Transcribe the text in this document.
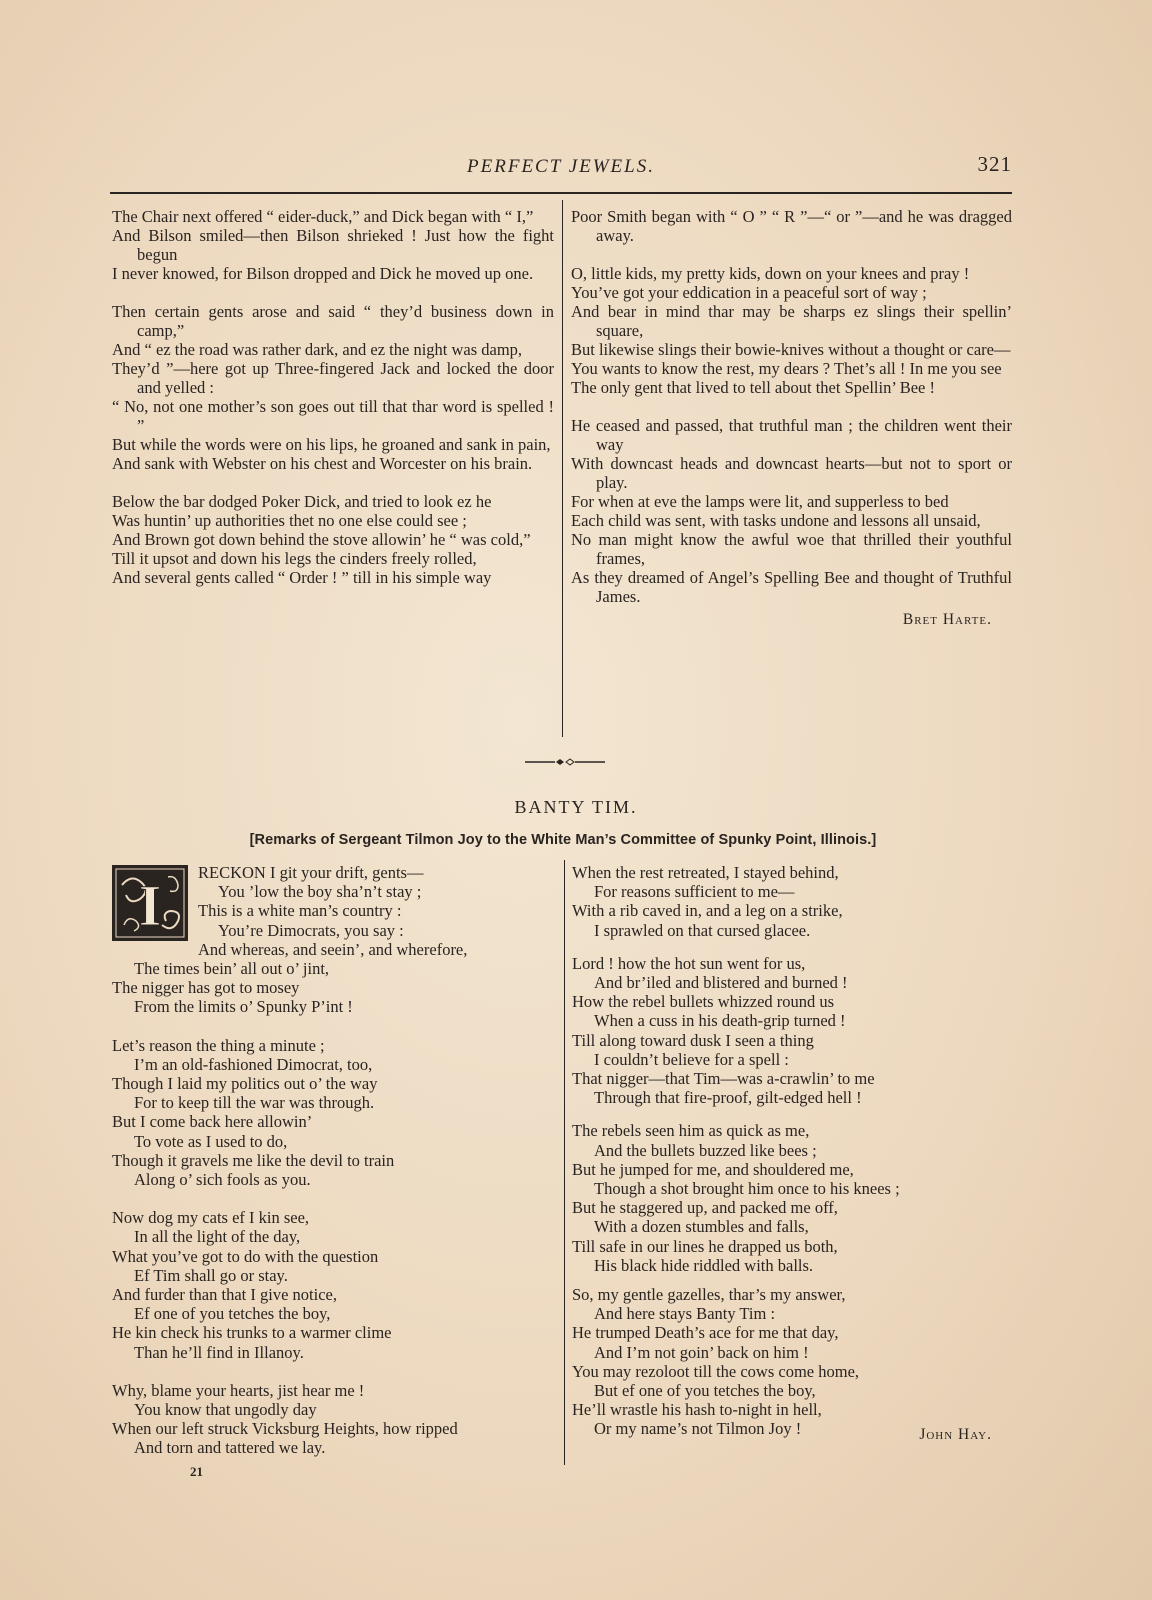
PERFECT JEWELS.	321
The Chair next offered “ eider-duck,” and Dick began with “ I,”
And Bilson smiled—then Bilson shrieked ! Just how the fight begun
I never knowed, for Bilson dropped and Dick he moved up one.
Then certain gents arose and said “ they’d business down in camp,”
And “ ez the road was rather dark, and ez the night was damp,
They’d ”—here got up Three-fingered Jack and locked the door and yelled :
“ No, not one mother’s son goes out till that thar word is spelled ! ”
But while the words were on his lips, he groaned and sank in pain,
And sank with Webster on his chest and Worcester on his brain.
Below the bar dodged Poker Dick, and tried to look ez he
Was huntin’ up authorities thet no one else could see ;
And Brown got down behind the stove allowin’ he “ was cold,”
Till it upsot and down his legs the cinders freely rolled,
And several gents called “ Order ! ” till in his simple way
Poor Smith began with “ O ” “ R ”—“ or ”—and he was dragged away.
O, little kids, my pretty kids, down on your knees and pray !
You’ve got your eddication in a peaceful sort of way ;
And bear in mind thar may be sharps ez slings their spellin’ square,
But likewise slings their bowie-knives without a thought or care—
You wants to know the rest, my dears ? Thet’s all ! In me you see
The only gent that lived to tell about thet Spellin’ Bee !
He ceased and passed, that truthful man ; the children went their way
With downcast heads and downcast hearts—but not to sport or play.
For when at eve the lamps were lit, and supperless to bed
Each child was sent, with tasks undone and lessons all unsaid,
No man might know the awful woe that thrilled their youthful frames,
As they dreamed of Angel’s Spelling Bee and thought of Truthful James.
Bret Harte.
BANTY TIM.
[Remarks of Sergeant Tilmon Joy to the White Man’s Committee of Spunky Point, Illinois.]
I
RECKON I git your drift, gents—
You ’low the boy sha’n’t stay ;
This is a white man’s country :
You’re Dimocrats, you say :
And whereas, and seein’, and wherefore,
The times bein’ all out o’ jint,
The nigger has got to mosey
From the limits o’ Spunky P’int !
Let’s reason the thing a minute ;
I’m an old-fashioned Dimocrat, too,
Though I laid my politics out o’ the way
For to keep till the war was through.
But I come back here allowin’
To vote as I used to do,
Though it gravels me like the devil to train
Along o’ sich fools as you.
Now dog my cats ef I kin see,
In all the light of the day,
What you’ve got to do with the question
Ef Tim shall go or stay.
And furder than that I give notice,
Ef one of you tetches the boy,
He kin check his trunks to a warmer clime
Than he’ll find in Illanoy.
Why, blame your hearts, jist hear me !
You know that ungodly day
When our left struck Vicksburg Heights, how ripped
And torn and tattered we lay.
When the rest retreated, I stayed behind,
For reasons sufficient to me—
With a rib caved in, and a leg on a strike,
I sprawled on that cursed glacee.
Lord ! how the hot sun went for us,
And br’iled and blistered and burned !
How the rebel bullets whizzed round us
When a cuss in his death-grip turned !
Till along toward dusk I seen a thing
I couldn’t believe for a spell :
That nigger—that Tim—was a-crawlin’ to me
Through that fire-proof, gilt-edged hell !
The rebels seen him as quick as me,
And the bullets buzzed like bees ;
But he jumped for me, and shouldered me,
Though a shot brought him once to his knees ;
But he staggered up, and packed me off,
With a dozen stumbles and falls,
Till safe in our lines he drapped us both,
His black hide riddled with balls.
So, my gentle gazelles, thar’s my answer,
And here stays Banty Tim :
He trumped Death’s ace for me that day,
And I’m not goin’ back on him !
You may rezoloot till the cows come home,
But ef one of you tetches the boy,
He’ll wrastle his hash to-night in hell,
Or my name’s not Tilmon Joy !	John Hay.
21
